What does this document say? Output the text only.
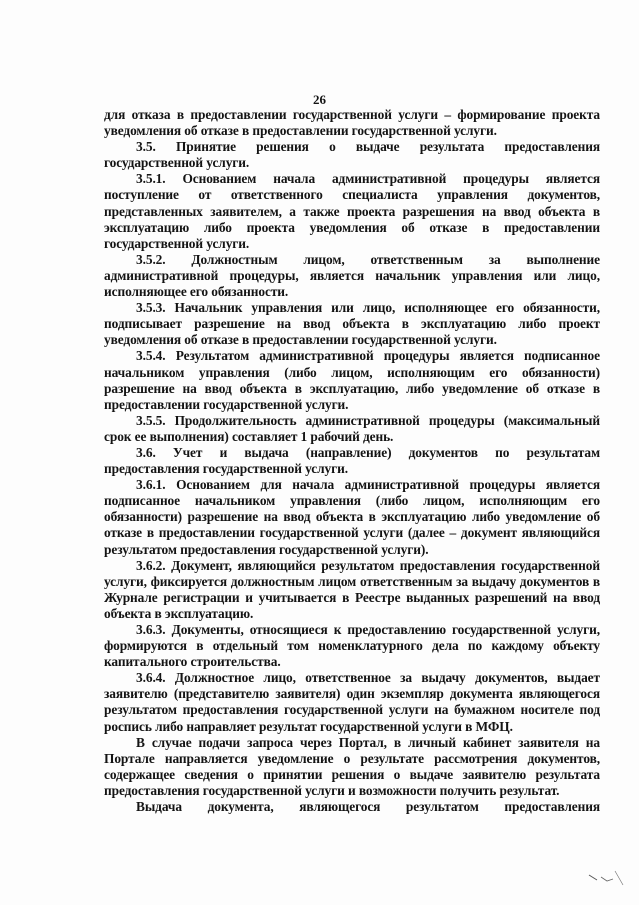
26

для отказа в предоставлении государственной услуги – формирование проекта уведомления об отказе в предоставлении государственной услуги.

3.5. Принятие решения о выдаче результата предоставления государственной услуги.

3.5.1. Основанием начала административной процедуры является поступление от ответственного специалиста управления документов, представленных заявителем, а также проекта разрешения на ввод объекта в эксплуатацию либо проекта уведомления об отказе в предоставлении государственной услуги.

3.5.2. Должностным лицом, ответственным за выполнение административной процедуры, является начальник управления или лицо, исполняющее его обязанности.

3.5.3. Начальник управления или лицо, исполняющее его обязанности, подписывает разрешение на ввод объекта в эксплуатацию либо проект уведомления об отказе в предоставлении государственной услуги.

3.5.4. Результатом административной процедуры является подписанное начальником управления (либо лицом, исполняющим его обязанности) разрешение на ввод объекта в эксплуатацию, либо уведомление об отказе в предоставлении государственной услуги.

3.5.5. Продолжительность административной процедуры (максимальный срок ее выполнения) составляет 1 рабочий день.

3.6. Учет и выдача (направление) документов по результатам предоставления государственной услуги.

3.6.1. Основанием для начала административной процедуры является подписанное начальником управления (либо лицом, исполняющим его обязанности) разрешение на ввод объекта в эксплуатацию либо уведомление об отказе в предоставлении государственной услуги (далее – документ являющийся результатом предоставления государственной услуги).

3.6.2. Документ, являющийся результатом предоставления государственной услуги, фиксируется должностным лицом ответственным за выдачу документов в Журнале регистрации и учитывается в Реестре выданных разрешений на ввод объекта в эксплуатацию.

3.6.3. Документы, относящиеся к предоставлению государственной услуги, формируются в отдельный том номенклатурного дела по каждому объекту капитального строительства.

3.6.4. Должностное лицо, ответственное за выдачу документов, выдает заявителю (представителю заявителя) один экземпляр документа являющегося результатом предоставления государственной услуги на бумажном носителе под роспись либо направляет результат государственной услуги в МФЦ.

В случае подачи запроса через Портал, в личный кабинет заявителя на Портале направляется уведомление о результате рассмотрения документов, содержащее сведения о принятии решения о выдаче заявителю результата предоставления государственной услуги и возможности получить результат.

Выдача документа, являющегося результатом предоставления
